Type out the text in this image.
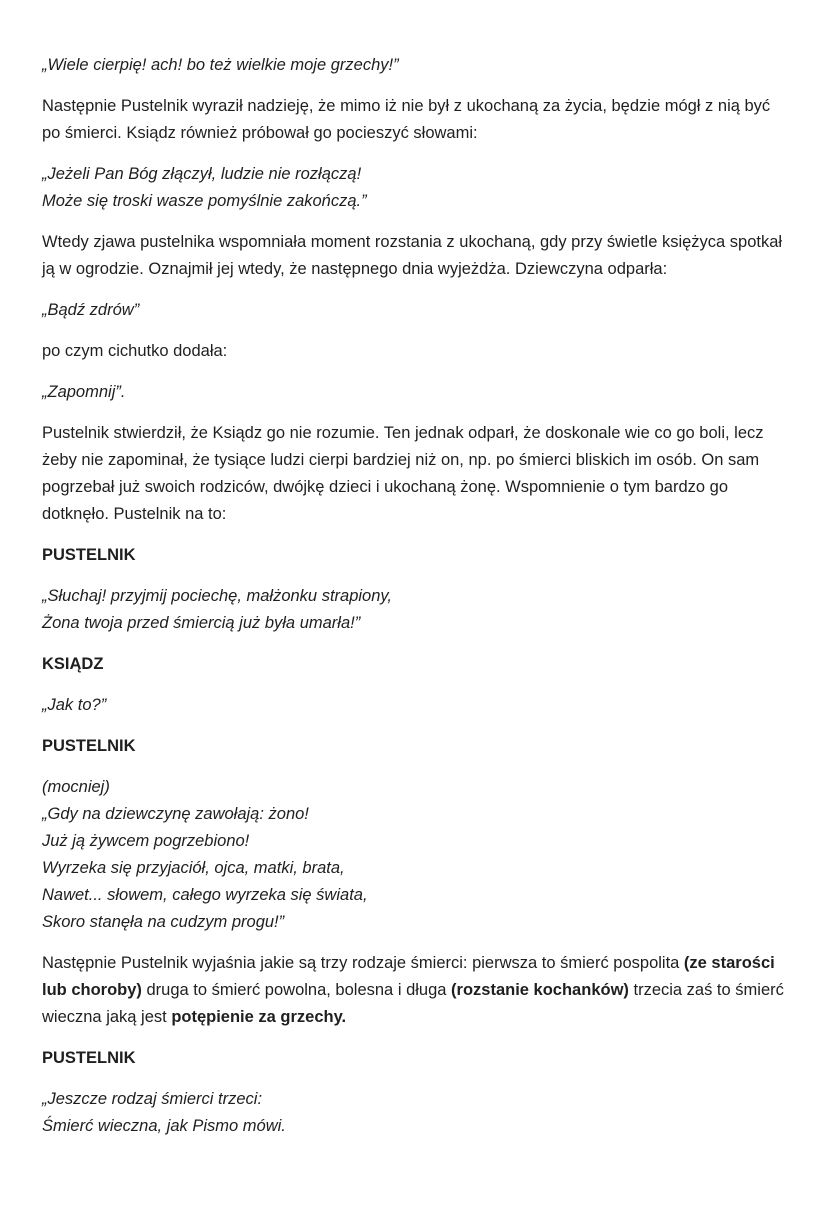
„Wiele cierpię! ach! bo też wielkie moje grzechy!”

Następnie Pustelnik wyraził nadzieję, że mimo iż nie był z ukochaną za życia, będzie mógł z nią być po śmierci. Ksiądz również próbował go pocieszyć słowami:

„Jeżeli Pan Bóg złączył, ludzie nie rozłączą!
Może się troski wasze pomyślnie zakończą.”

Wtedy zjawa pustelnika wspomniała moment rozstania z ukochaną, gdy przy świetle księżyca spotkał ją w ogrodzie. Oznajmił jej wtedy, że następnego dnia wyjeżdża. Dziewczyna odparła:

„Bądź zdrów”

po czym cichutko dodała:

„Zapomnij”.

Pustelnik stwierdził, że Ksiądz go nie rozumie. Ten jednak odparł, że doskonale wie co go boli, lecz żeby nie zapominał, że tysiące ludzi cierpi bardziej niż on, np. po śmierci bliskich im osób. On sam pogrzebał już swoich rodziców, dwójkę dzieci i ukochaną żonę. Wspomnienie o tym bardzo go dotknęło. Pustelnik na to:

PUSTELNIK

„Słuchaj! przyjmij pociechę, małżonku strapiony,
Żona twoja przed śmiercią już była umarła!”

KSIĄDZ

„Jak to?”

PUSTELNIK

(mocniej)
„Gdy na dziewczynę zawołają: żono!
Już ją żywcem pogrzebiono!
Wyrzeka się przyjaciół, ojca, matki, brata,
Nawet... słowem, całego wyrzeka się świata,
Skoro stanęła na cudzym progu!”

Następnie Pustelnik wyjaśnia jakie są trzy rodzaje śmierci: pierwsza to śmierć pospolita (ze starości lub choroby) druga to śmierć powolna, bolesna i długa (rozstanie kochanków) trzecia zaś to śmierć wieczna jaką jest potępienie za grzechy.

PUSTELNIK

„Jeszcze rodzaj śmierci trzeci:
Śmierć wieczna, jak Pismo mówi.
